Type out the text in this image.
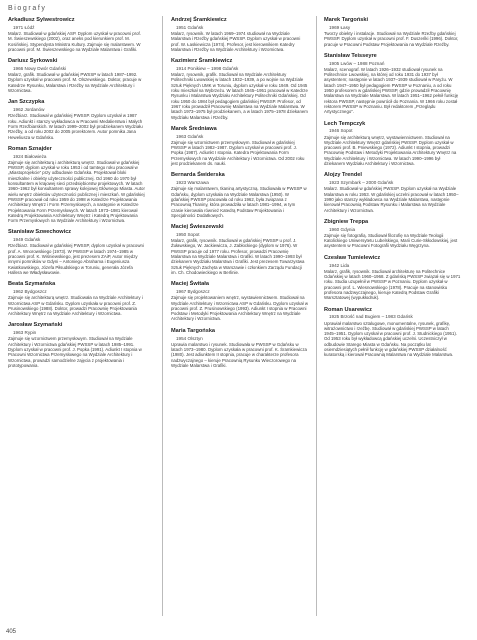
Biografy
Arkadiusz Sylwestrowicz
1971 Łódź

Malarz. Studiował w gdańskiej ASP. Dyplom uzyskał w pracowni prof. M. Świeszewskiego (2002), oraz aneks pod kierunkiem prof. M. Kosińskiej. Stypendysta Ministra Kultury. Zajmuje się malarstwem. W pracowni prof. M. Świeszewskiego na Wydziale Malarstwa i Grafiki.

Dariusz Syrkowski
1966 Nowy Dwór Gdański

Malarz, grafik. Studiował w gdańskiej PWSSP w latach 1987–1992. Dyplom uzyskał w pracowni prof. M. Olszewskiego. Doktor, pracuje w Katedrze Rysunku, Malarstwa i Rzeźby na Wydziale Architektury i Wzornictwa.

Jan Szczypka
1962 Jordanów

Rzeźbiarz. Studiował w gdańskiej PWSSP. Dyplom uzyskał w 1987 roku. Adiunkt i starszy wykładowca w Pracowni Medalierstwa i Małych Form Rzeźbiarskich. W latach 1999–2002 był prodziekanem Wydziału Rzeźby, a od roku 2002 do 2005 prorektorem. Autor pomnika Jana Heweliusza w Gdańsku.

Roman Sznajder
1924 Białowieża

Zajmuje się architekturą i architekturą wnętrz. Studiował w gdańskiej PWSSP, dyplom uzyskał w roku 1953 i od tamtego roku pracował w „Miastoprojekcie” przy odbudowie Gdańska. Projektował bloki mieszkalne i obiekty użyteczności publicznej. Od 1960 do 1970 był konsultantem w krajowej sieci przedsiębiorstw projektowych. W latach 1960–1962 był konsultantem sprawy kolejowej Głównego Miasta. Autor wielu wnętrz obiektów użyteczności publicznej i mieszkań. W gdańskiej PWSSP pracował od roku 1959 do 1998 w Katedrze Projektowania Architektury Wnętrz i Form Przemysłowych, a następnie w Katedrze Projektowania Form Przemysłowych. W latach 1973–1981 kierował Katedrą Projektowania Architektury Wnętrz i Katedrą Projektowania Form Przemysłowych na Wydziale Architektury i Wzornictwa.

Stanisław Szwechowicz
1949 Gdańsk

Rzeźbiarz. Studiował w gdańskiej PWSSP, dyplom uzyskał w pracowni prof. A. Wnorowskiego (1973). W PWSSP w latach 1974–1985 w pracowni prof. K. Wiśniewskiego, jest prezesem ZAiP, Autor między innymi pomników w Gdyni – Antoniego Abrahama i Eugeniusza Kwiatkowskiego, Józefa Piłsudskiego w Toruniu, generała Józefa Hallera we Władysławowie.

Beata Szymańska
1962 Bydgoszcz

Zajmuje się architekturą wnętrz. Studiowała na Wydziale Architektury i Wzornictwa ASP w Gdańsku. Dyplom uzyskała w pracowni prof. Z. Prusinowskiego (1988). Doktor, prowadzi Pracownię Projektowania Architektury Wnętrz na Wydziale Architektury i Wzornictwa.

Jarosław Szymański
1963 Rypin

Zajmuje się wzornictwem przemysłowym. Studiował na Wydziale Architektury i Wzornictwa gdańskiej PWSSP w latach 1985–1991. Dyplom uzyskał w pracowni prof. J. Popka (1991). Adiunkt I stopnia w Pracowni Wzornictwa Przemysłowego na Wydziale Architektury i Wzornictwa, prowadzi samodzielne zajęcia z projektowania i prototypowania.

Andrzej Śramkiewicz
1951 Gdańsk

Malarz, rysownik. W latach 1969–1974 studiował na Wydziale Malarstwa i Rzeźby gdańskiej PWSSP. Dyplom uzyskał w pracowni prof. W. Łaskiewicza (1974). Profesor, jest kierownikiem Katedry Malarstwa i Rzeźby na Wydziale Architektury i Wzornictwa.

Kazimierz Śramkiewicz
1914 Ponikiew – 1998 Gdańsk

Malarz, rysownik, grafik. Studiował na Wydziale Architektury Politechniki Lwowskiej w latach 1932–1939, a po wojnie na Wydziale Sztuk Pięknych UMK w Toruniu, dyplom uzyskał w roku 1949. Od 1945 roku mieszkał na Wybrzeżu. W latach 1945–1951 pracował w Katedrze Rysunku i Malarstwa Wydziału Architektury Politechniki Gdańskiej. Od roku 1950 do 1984 był pedagogiem gdańskiej PWSSP. Profesor, od 1967 roku prowadził Pracownię Malarstwa na Wydziale Malarstwa. W latach 1973–1975 był prodziekanem, a w latach 1975–1978 dziekanem Wydziału Malarstwa i Rzeźby.

Marek Średniawa
1963 Gdańsk

Zajmuje się wzornictwem przemysłowym. Studiował w gdańskiej PWSSP w latach 1982–1987. Dyplom uzyskał w pracowni prof. J. Popka (1987). Adiunkt I stopnia. Katedra Projektowania Form Przemysłowych na Wydziale Architektury i Wzornictwa. Od 2002 roku jest prodziekanem ds. nauki.

Bernarda Świderska
1923 Warszawa

Zajmuje się malarstwem, tkaniną artystyczną. Studiowała w PWSSP w Gdańsku, dyplom uzyskała na Wydziale Malarstwa (1950). W gdańskiej PWSSP pracowała od roku 1962, była związana z Pracownią Tkaniny, która prowadziła w latach 1981–1994, w tym czasie kierowała również Katedrą Podstaw Projektowania i Specjalności Dodatkowych.

Maciej Świeszewski
1950 Sopot

Malarz, grafik, rysownik. Studiował w gdańskiej PWSSP u prof. J. Żuławskiego, W. Jackiewicza, J. Zabłockiego (dyplom w 1976). W PWSSP pracuje od 1977 roku. Profesor, prowadzi Pracownię Malarstwa na Wydziale Malarstwa i Grafiki. W latach 1990–1993 był dziekanem Wydziału Malarstwa i Grafiki. Jest prezesem Towarzystwa Sztuk Pięknych Zachęta w Warszawie i członkiem Zarządu Fundacji im. Ch. Chodowieckiego w Berlinie.

Maciej Świtała
1967 Bydgoszcz

Zajmuje się projektowaniem wnętrz, wystawiennictwem. Studiował na Wydziale Architektury i Wzornictwa ASP w Gdańsku. Dyplom uzyskał w pracowni prof. Z. Prusinowskiego (1993). Adiunkt I stopnia w Pracowni Podstaw i Metodyki Projektowania Architektury Wnętrz na Wydziale Architektury i Wzornictwa.

Maria Targońska
1954 Olsztyn

Uprawia malarstwo i rysunek. Studiowała w PWSSP w Gdańsku w latach 1973–1980. Dyplom uzyskała w pracowni prof. K. Śramkiewicza (1980). Jest adiunktem II stopnia, pracuje w charakterze profesora nadzwyczajnego – kieruje Pracownią Rysunku Wieczorowego na Wydziale Malarstwa i Grafiki.

Marek Targoński
1969 Łasy

Tworzy obiekty i instalacje. Studiował na Wydziale Rzeźby gdańskiej PWSSP. Dyplom uzyskał w pracowni prof. F. Duszeńki (1996). Doktor, pracuje w Pracowni Podstaw Projektowania na Wydziale Rzeźby.

Stanisław Teisseyre
1905 Lwów – 1988 Poznań

Malarz, scenograf. W latach 1926–1932 studiował rysunek na Politechnice Lwowskiej, na której od roku 1931 do 1937 był asystentem; następnie w latach 1937–1939 studiował w Paryżu. W latach 1947–1950 był pedagogiem PWSSP w Poznaniu, a od roku 1950 profesorem w gdańskiej PWSSP, gdzie prowadził Pracownię Malarstwa na Wydziale Malarstwa. W latach 1951–1962 pełnił funkcję rektora PWSSP, następnie powrócił do Poznania. W 1966 roku został rektorem PWSSP w Poznaniu. Był redaktorem „Przeglądu Artystycznego”.

Lech Tempczyk
1946 Sopot

Zajmuje się architekturą wnętrz, wystawiennictwem. Studiował na Wydziale Architektury Wnętrz gdańskiej PWSSP. Dyplom uzyskał w pracowni prof. B. Pniewskiego (1972). Adiunkt I stopnia, prowadzi Pracownię Podstaw i Metodyki Projektowania Architektury Wnętrz na Wydziale Architektury i Wzornictwa. W latach 1990–1996 był dziekanem Wydziału Architektury i Wzornictwa.

Alojzy Trendel
1923 Szymbark – 2000 Gdańsk

Malarz. Studiował w gdańskiej PWSSP. Dyplom uzyskał na Wydziale Malarstwa w roku 1953. W gdańskiej uczelni pracował w latach 1950–1990 jako starszy wykładowca na Wydziale Malarstwa, następnie kierował Pracownią Podstaw Rysunku i Malarstwa na Wydziale Architektury i Wzornictwa.

Zbigniew Treppa
1960 Gdynia

Zajmuje się fotografią. Studiował filozofię na Wydziale Teologii Katolickiego Uniwersytetu Lubelskiego, Marii Curie-Skłodowskiej, jest asystentem w Pracowni Fotografii Wydziału Węgrzyna.

Czesław Tumielewicz
1942 Lida

Malarz, grafik, rysownik. Studiował architekturę na Politechnice Gdańskiej w latach 1960–1968. Z gdańską PWSSP związał się w 1971 roku. Studia uzupełnił w PWSSP w Poznaniu. Dyplom uzyskał w pracowni prof. L. Wiesnowskiego (1978). Pracuje na stanowisku profesora nadzwyczajnego, kieruje Katedrą Podstaw Grafiki Warsztatowej (wypukłodruk).

Roman Usarewicz
1925 Brzość nad Bugiem – 1983 Gdańsk

Uprawiał malarstwo sztalugowe, monumentalne, rysunek, grafikę, witrażownictwo i rzeźbę. Studiował w gdańskiej PWSSP w latach 1945–1951. Dyplom uzyskał w pracowni prof. J. Studnickiego (1951). Od 1953 roku był wykładowcą gdańskiej uczelni. Uczestniczył w odbudowie Starego Miasta w Gdańsku. Na początku lat osiemdziesiątych pełnił funkcję w gdańskiej PWSSP działalność kuratorską i kierował Pracownią Malarstwa na Wydziale Malarstwa.

405
